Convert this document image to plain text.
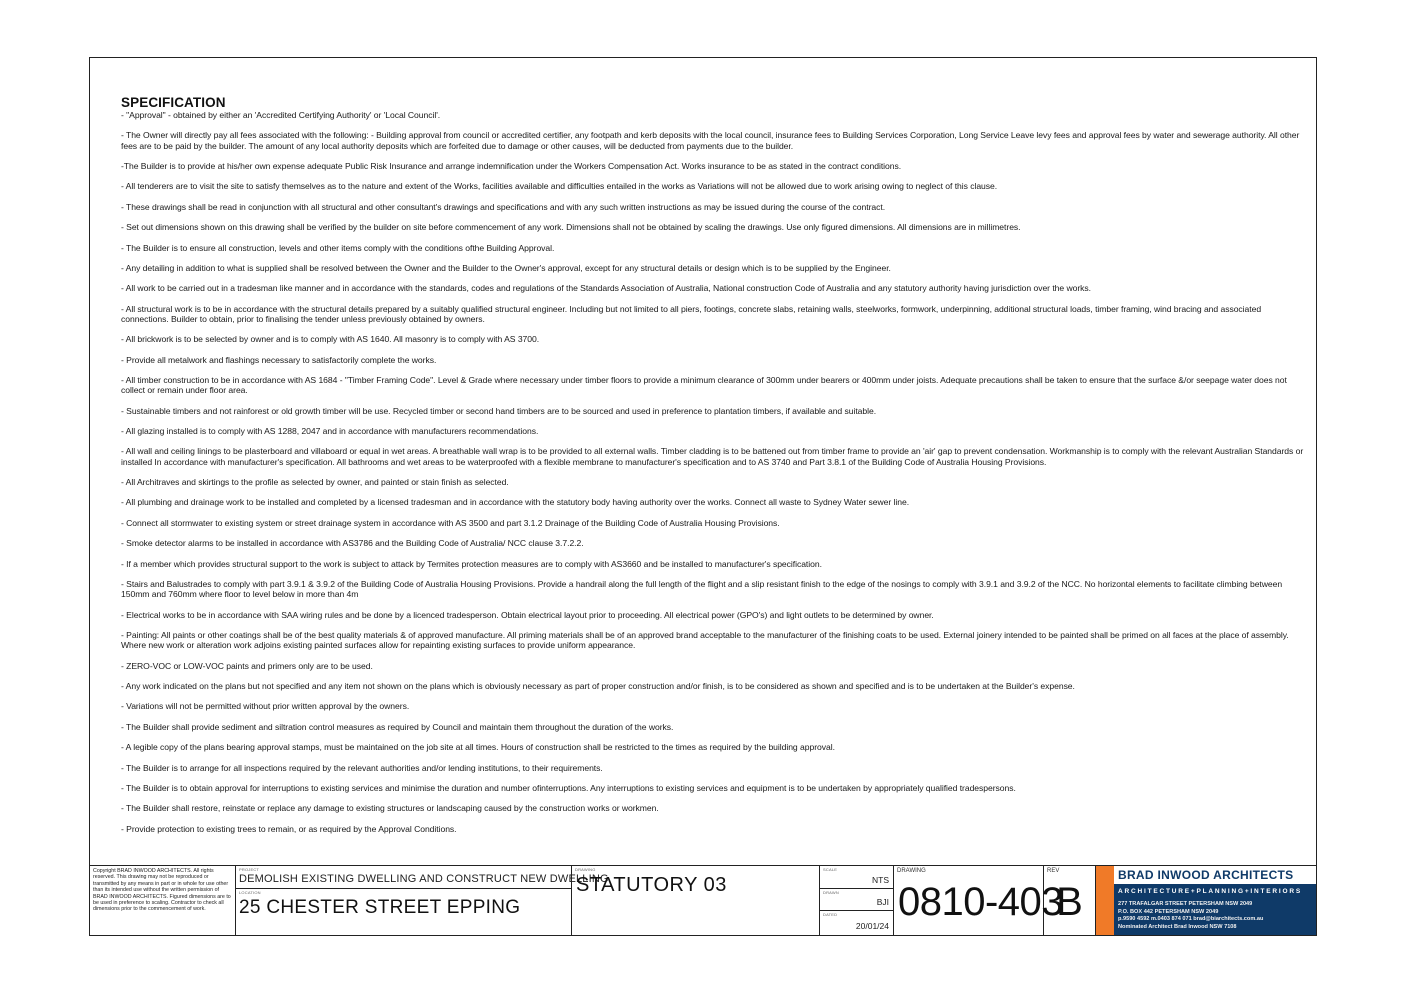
SPECIFICATION
- "Approval" - obtained by either an 'Accredited Certifying Authority' or 'Local Council'.
- The Owner will directly pay all fees associated with the following: - Building approval from council or accredited certifier, any footpath and kerb deposits with the local council, insurance fees to Building Services Corporation, Long Service Leave levy fees and approval fees by water and sewerage authority. All other fees are to be paid by the builder. The amount of any local authority deposits which are forfeited due to damage or other causes, will be deducted from payments due to the builder.
-The Builder is to provide at his/her own expense adequate Public Risk Insurance and arrange indemnification under the Workers Compensation Act. Works insurance to be as stated in the contract conditions.
- All tenderers are to visit the site to satisfy themselves as to the nature and extent of the Works, facilities available and difficulties entailed in the works as Variations will not be allowed due to work arising owing to neglect of this clause.
- These drawings shall be read in conjunction with all structural and other consultant's drawings and specifications and with any such written instructions as may be issued during the course of the contract.
- Set out dimensions shown on this drawing shall be verified by the builder on site before commencement of any work. Dimensions shall not be obtained by scaling the drawings. Use only figured dimensions. All dimensions are in millimetres.
- The Builder is to ensure all construction, levels and other items comply with the conditions ofthe Building Approval.
- Any detailing in addition to what is supplied shall be resolved between the Owner and the Builder to the Owner's approval, except for any structural details or design which is to be supplied by the Engineer.
- All work to be carried out in a tradesman like manner and in accordance with the standards, codes and regulations of the Standards Association of Australia, National construction Code of Australia and any statutory authority having jurisdiction over the works.
- All structural work is to be in accordance with the structural details prepared by a suitably qualified structural engineer. Including but not limited to all piers, footings, concrete slabs, retaining walls, steelworks, formwork, underpinning, additional structural loads, timber framing, wind bracing and associated connections. Builder to obtain, prior to finalising the tender unless previously obtained by owners.
- All brickwork is to be selected by owner and is to comply with AS 1640. All masonry is to comply with AS 3700.
- Provide all metalwork and flashings necessary to satisfactorily complete the works.
- All timber construction to be in accordance with AS 1684 - "Timber Framing Code". Level & Grade where necessary under timber floors to provide a minimum clearance of 300mm under bearers or 400mm under joists. Adequate precautions shall be taken to ensure that the surface &/or seepage water does not collect or remain under floor area.
- Sustainable timbers and not rainforest or old growth timber will be use. Recycled timber or second hand timbers are to be sourced and used in preference to plantation timbers, if available and suitable.
- All glazing installed is to comply with AS 1288, 2047 and in accordance with manufacturers recommendations.
- All wall and ceiling linings to be plasterboard and villaboard or equal in wet areas. A breathable wall wrap is to be provided to all external walls. Timber cladding is to be battened out from timber frame to provide an 'air' gap to prevent condensation. Workmanship is to comply with the relevant Australian Standards or installed In accordance with manufacturer's specification. All bathrooms and wet areas to be waterproofed with a flexible membrane to manufacturer's specification and to AS 3740 and Part 3.8.1 of the Building Code of Australia Housing Provisions.
- All Architraves and skirtings to the profile as selected by owner, and painted or stain finish as selected.
- All plumbing and drainage work to be installed and completed by a licensed tradesman and in accordance with the statutory body having authority over the works. Connect all waste to Sydney Water sewer line.
- Connect all stormwater to existing system or street drainage system in accordance with AS 3500 and part 3.1.2 Drainage of the Building Code of Australia Housing Provisions.
- Smoke detector alarms to be installed in accordance with AS3786 and the Building Code of Australia/ NCC clause 3.7.2.2.
- If a member which provides structural support to the work is subject to attack by Termites protection measures are to comply with AS3660 and be installed to manufacturer's specification.
- Stairs and Balustrades to comply with part 3.9.1 & 3.9.2 of the Building Code of Australia Housing Provisions. Provide a handrail along the full length of the flight and a slip resistant finish to the edge of the nosings to comply with 3.9.1 and 3.9.2 of the NCC. No horizontal elements to facilitate climbing between 150mm and 760mm where floor to level below in more than 4m
- Electrical works to be in accordance with SAA wiring rules and be done by a licenced tradesperson. Obtain electrical layout prior to proceeding. All electrical power (GPO's) and light outlets to be determined by owner.
- Painting: All paints or other coatings shall be of the best quality materials & of approved manufacture. All priming materials shall be of an approved brand acceptable to the manufacturer of the finishing coats to be used. External joinery intended to be painted shall be primed on all faces at the place of assembly. Where new work or alteration work adjoins existing painted surfaces allow for repainting existing surfaces to provide uniform appearance.
- ZERO-VOC or LOW-VOC paints and primers only are to be used.
- Any work indicated on the plans but not specified and any item not shown on the plans which is obviously necessary as part of proper construction and/or finish, is to be considered as shown and specified and is to be undertaken at the Builder's expense.
- Variations will not be permitted without prior written approval by the owners.
- The Builder shall provide sediment and siltration control measures as required by Council and maintain them throughout the duration of the works.
- A legible copy of the plans bearing approval stamps, must be maintained on the job site at all times. Hours of construction shall be restricted to the times as required by the building approval.
- The Builder is to arrange for all inspections required by the relevant authorities and/or lending institutions, to their requirements.
- The Builder is to obtain approval for interruptions to existing services and minimise the duration and number ofinterruptions. Any interruptions to existing services and equipment is to be undertaken by appropriately qualified tradespersons.
- The Builder shall restore, reinstate or replace any damage to existing structures or landscaping caused by the construction works or workmen.
- Provide protection to existing trees to remain, or as required by the Approval Conditions.

Copyright BRAD INWOOD ARCHITECTS. All rights reserved. This drawing may not be reproduced or transmitted by any means in part or in whole for use other than its intended use without the written permission of BRAD INWOOD ARCHITECTS. Figured dimensions are to be used in preference to scaling. Contractor to check all dimensions prior to the commencement of work.

PROJECT
DEMOLISH EXISTING DWELLING AND CONSTRUCT NEW DWELLING
LOCATION
25 CHESTER STREET EPPING
DRAWING
STATUTORY 03
SCALE
NTS
DRAWN
BJI
DATED
20/01/24
DRAWING
0810-403
REV
B
BRAD INWOOD ARCHITECTS
ARCHITECTURE+PLANNING+INTERIORS
277 TRAFALGAR STREET PETERSHAM NSW 2049
P.O. BOX 442 PETERSHAM NSW 2049
p.9590 4592 m.0403 874 071 brad@biarchitects.com.au
Nominated Architect Brad Inwood NSW 7108
